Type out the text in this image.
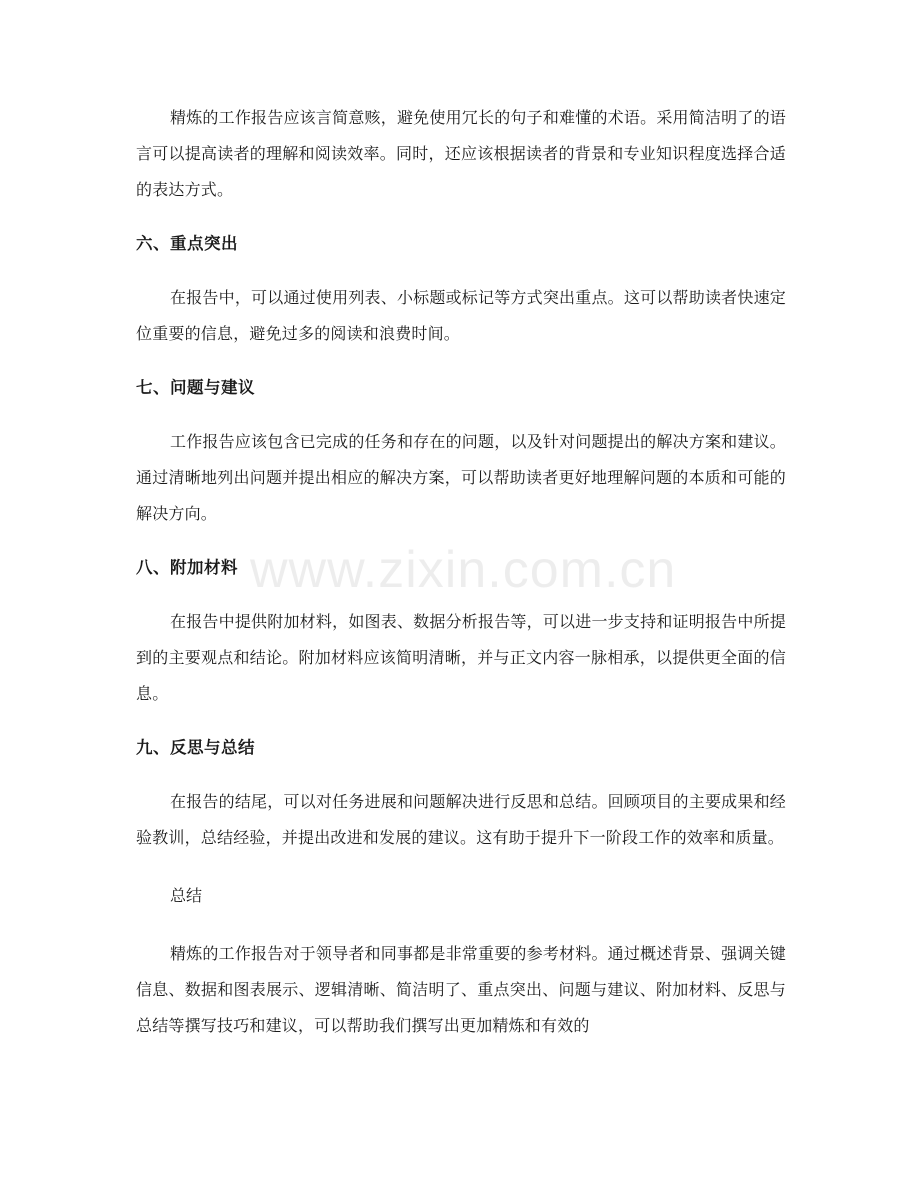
精炼的工作报告应该言简意赅，避免使用冗长的句子和难懂的术语。采用简洁明了的语言可以提高读者的理解和阅读效率。同时，还应该根据读者的背景和专业知识程度选择合适的表达方式。

六、重点突出

在报告中，可以通过使用列表、小标题或标记等方式突出重点。这可以帮助读者快速定位重要的信息，避免过多的阅读和浪费时间。

七、问题与建议

工作报告应该包含已完成的任务和存在的问题，以及针对问题提出的解决方案和建议。通过清晰地列出问题并提出相应的解决方案，可以帮助读者更好地理解问题的本质和可能的解决方向。

八、附加材料

在报告中提供附加材料，如图表、数据分析报告等，可以进一步支持和证明报告中所提到的主要观点和结论。附加材料应该简明清晰，并与正文内容一脉相承，以提供更全面的信息。

九、反思与总结

在报告的结尾，可以对任务进展和问题解决进行反思和总结。回顾项目的主要成果和经验教训，总结经验，并提出改进和发展的建议。这有助于提升下一阶段工作的效率和质量。

总结

精炼的工作报告对于领导者和同事都是非常重要的参考材料。通过概述背景、强调关键信息、数据和图表展示、逻辑清晰、简洁明了、重点突出、问题与建议、附加材料、反思与总结等撰写技巧和建议，可以帮助我们撰写出更加精炼和有效的

www.zixin.com.cn
